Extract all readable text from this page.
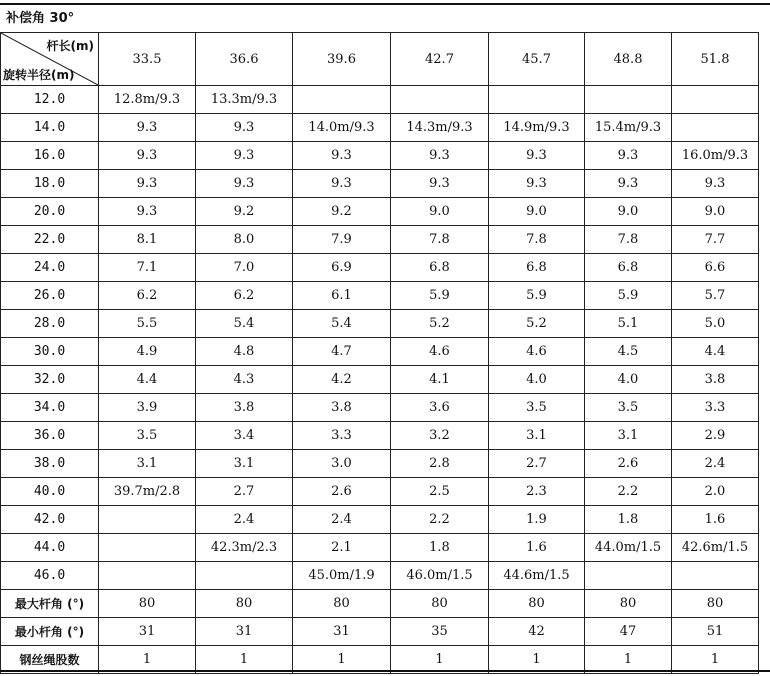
补偿角 30°
杆长(m)
旋转半径(m)	33.5	36.6	39.6	42.7	45.7	48.8	51.8
12.0	12.8m/9.3	13.3m/9.3					
14.0	9.3	9.3	14.0m/9.3	14.3m/9.3	14.9m/9.3	15.4m/9.3	
16.0	9.3	9.3	9.3	9.3	9.3	9.3	16.0m/9.3
18.0	9.3	9.3	9.3	9.3	9.3	9.3	9.3
20.0	9.3	9.2	9.2	9.0	9.0	9.0	9.0
22.0	8.1	8.0	7.9	7.8	7.8	7.8	7.7
24.0	7.1	7.0	6.9	6.8	6.8	6.8	6.6
26.0	6.2	6.2	6.1	5.9	5.9	5.9	5.7
28.0	5.5	5.4	5.4	5.2	5.2	5.1	5.0
30.0	4.9	4.8	4.7	4.6	4.6	4.5	4.4
32.0	4.4	4.3	4.2	4.1	4.0	4.0	3.8
34.0	3.9	3.8	3.8	3.6	3.5	3.5	3.3
36.0	3.5	3.4	3.3	3.2	3.1	3.1	2.9
38.0	3.1	3.1	3.0	2.8	2.7	2.6	2.4
40.0	39.7m/2.8	2.7	2.6	2.5	2.3	2.2	2.0
42.0		2.4	2.4	2.2	1.9	1.8	1.6
44.0		42.3m/2.3	2.1	1.8	1.6	44.0m/1.5	42.6m/1.5
46.0			45.0m/1.9	46.0m/1.5	44.6m/1.5		
最大杆角 (°)	80	80	80	80	80	80	80
最小杆角 (°)	31	31	31	35	42	47	51
钢丝绳股数	1	1	1	1	1	1	1
